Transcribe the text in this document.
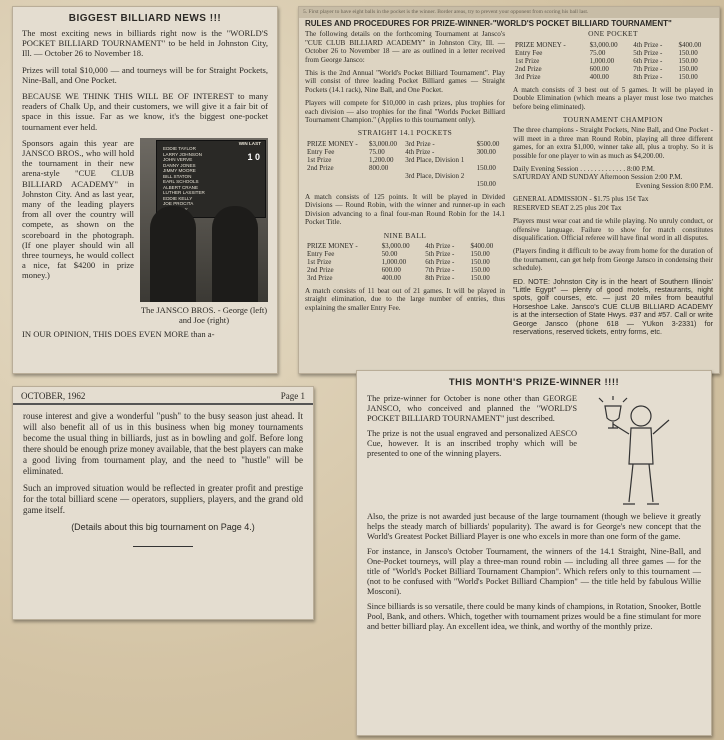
BIGGEST BILLIARD NEWS !!!

The most exciting news in billiards right now is the "WORLD'S POCKET BILLIARD TOURNAMENT" to be held in Johnston City, Ill. — October 26 to November 18.

Prizes will total $10,000 — and tourneys will be for Straight Pockets, Nine-Ball, and One Pocket.

BECAUSE WE THINK THIS WILL BE OF INTEREST to many readers of Chalk Up, and their customers, we will give it a fair bit of space in this issue. Far as we know, it's the biggest one-pocket tournament ever held.

Sponsors again this year are JANSCO BROS., who will hold the tournament in their new arena-style "CUE CLUB BILLIARD ACADEMY" in Johnston City. And as last year, many of the leading players from all over the country will compete, as shown on the scoreboard in the photograph. (If one player should win all three tourneys, he would collect a nice, fat $4200 in prize money.)
WIN LAST
EDDIE TAYLOR
LARRY JOHNSON
JOHN VERVE
DANNY JONES
JIMMY MOORE
BILL STATON
EARL SCHOOLS
ALBERT CRANE
LUTHER LASSITER
EDDIE KELLY
JOE PROCITA
1 0
The JANSCO BROS. - George (left) and Joe (right)

IN OUR OPINION, THIS DOES EVEN MORE than a-

5. First player to have eight balls in the pocket is the winner. Border areas, try to prevent your opponent from scoring his ball last.
RULES AND PROCEDURES FOR PRIZE-WINNER-"WORLD'S POCKET BILLIARD TOURNAMENT"

The following details on the forthcoming Tournament at Jansco's "CUE CLUB BILLIARD ACADEMY" in Johnston City, Ill. — October 26 to November 18 — are as outlined in a letter received from George Jansco:

This is the 2nd Annual "World's Pocket Billiard Tournament". Play will consist of three leading Pocket Billiard games — Straight Pockets (14.1 rack), Nine Ball, and One Pocket.

Players will compete for $10,000 in cash prizes, plus trophies for each division — also trophies for the final "Worlds Pocket Billiard Tournament Champion." (Applies to this tournament only).

STRAIGHT 14.1 POCKETS
PRIZE MONEY -	$3,000.00	3rd Prize -	$500.00
Entry Fee	75.00	4th Prize -	300.00
1st Prize	1,200.00	3rd Place, Division 1	
2nd Prize	800.00		150.00
		3rd Place, Division 2	
			150.00

A match consists of 125 points. It will be played in Divided Divisions — Round Robin, with the winner and runner-up in each Division advancing to a final four-man Round Robin for the 14.1 Pocket Title.

NINE BALL
PRIZE MONEY -	$3,000.00	4th Prize -	$400.00
Entry Fee	50.00	5th Prize -	150.00
1st Prize	1,000.00	6th Prize -	150.00
2nd Prize	600.00	7th Prize -	150.00
3rd Prize	400.00	8th Prize -	150.00

A match consists of 11 beat out of 21 games. It will be played in straight elimination, due to the large number of entries, thus explaining the smaller Entry Fee.

ONE POCKET
PRIZE MONEY -	$3,000.00	4th Prize -	$400.00
Entry Fee	75.00	5th Prize -	150.00
1st Prize	1,000.00	6th Prize -	150.00
2nd Prize	600.00	7th Prize -	150.00
3rd Prize	400.00	8th Prize -	150.00

A match consists of 3 best out of 5 games. It will be played in Double Elimination (which means a player must lose two matches before being eliminated).

TOURNAMENT CHAMPION

The three champions - Straight Pockets, Nine Ball, and One Pocket - will meet in a three man Round Robin, playing all three different games, for an extra $1,000, winner take all, plus a trophy. So it is possible for one player to win as much as $4,200.00.

Daily Evening Session . . . . . . . . . . . . . 8:00 P.M.
SATURDAY AND SUNDAY Afternoon Session 2:00 P.M.
Evening Session 8:00 P.M.
GENERAL ADMISSION - $1.75 plus 15¢ Tax
RESERVED SEAT 2.25 plus 20¢ Tax

Players must wear coat and tie while playing. No unruly conduct, or offensive language. Failure to show for match constitutes disqualification. Official referee will have final word in all disputes.

(Players finding it difficult to be away from home for the duration of the tournament, can get help from George Jansco in condensing their schedule).

ED. NOTE: Johnston City is in the heart of Southern Illinois' "Little Egypt" — plenty of good motels, restaurants, night spots, golf courses, etc. — just 20 miles from beautiful Horseshoe Lake. Jansco's CUE CLUB BILLIARD ACADEMY is at the intersection of State Hwys. #37 and #57. Call or write George Jansco (phone 618 — YUkon 3-2331) for reservations, reserved tickets, entry forms, etc.

OCTOBER, 1962	Page 1

rouse interest and give a wonderful "push" to the busy season just ahead. It will also benefit all of us in this business when big money tournaments become the usual thing in billiards, just as in bowling and golf. Before long there should be enough prize money available, that the best players can make a good living from tournament play, and the need to "hustle" will be eliminated.

Such an improved situation would be reflected in greater profit and prestige for the total billiard scene — operators, suppliers, players, and the grand old game itself.

(Details about this big tournament on Page 4.)
THIS MONTH'S PRIZE-WINNER !!!!

The prize-winner for October is none other than GEORGE JANSCO, who conceived and planned the "WORLD'S POCKET BILLIARD TOURNAMENT" just described.

The prize is not the usual engraved and personalized AESCO Cue, however. It is an inscribed trophy which will be presented to one of the winning players.

Also, the prize is not awarded just because of the large tournament (though we believe it greatly helps the steady march of billiards' popularity). The award is for George's new concept that the World's Greatest Pocket Billiard Player is one who excels in more than one form of the game.

For instance, in Jansco's October Tournament, the winners of the 14.1 Straight, Nine-Ball, and One-Pocket tourneys, will play a three-man round robin — including all three games — for the title of "World's Pocket Billiard Tournament Champion". Which refers only to this tournament — (not to be confused with "World's Pocket Billiard Champion" — the title held by fabulous Willie Mosconi).

Since billiards is so versatile, there could be many kinds of champions, in Rotation, Snooker, Bottle Pool, Bank, and others. Which, together with tournament prizes would be a fine stimulant for more and better billiard play. An excellent idea, we think, and worthy of the monthly prize.
